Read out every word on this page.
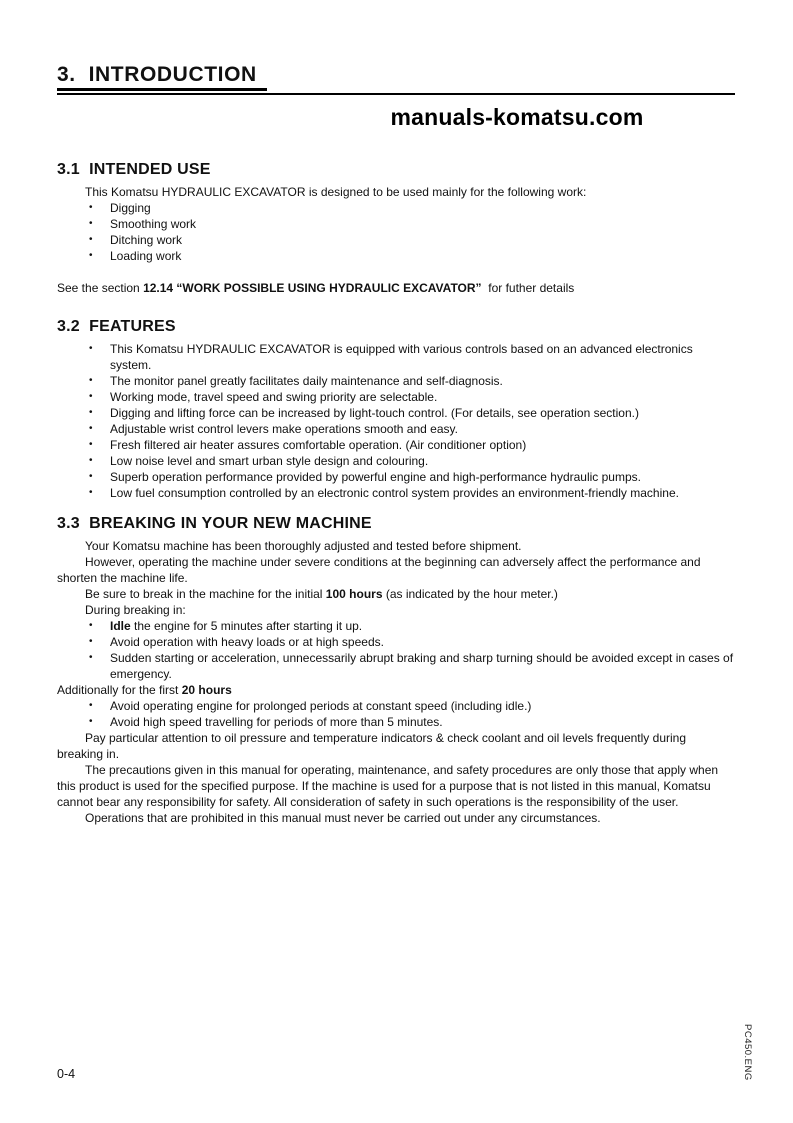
3.  INTRODUCTION
manuals-komatsu.com
3.1  INTENDED USE

This Komatsu HYDRAULIC EXCAVATOR is designed to be used mainly for the following work:

• Digging
• Smoothing work
• Ditching work
• Loading work

See the section 12.14 “WORK POSSIBLE USING HYDRAULIC EXCAVATOR”  for futher details

3.2  FEATURES
• This Komatsu HYDRAULIC EXCAVATOR is equipped with various controls based on an advanced electronics system.
• The monitor panel greatly facilitates daily maintenance and self-diagnosis.
• Working mode, travel speed and swing priority are selectable.
• Digging and lifting force can be increased by light-touch control. (For details, see operation section.)
• Adjustable wrist control levers make operations smooth and easy.
• Fresh filtered air heater assures comfortable operation. (Air conditioner option)
• Low noise level and smart urban style design and colouring.
• Superb operation performance provided by powerful engine and high-performance hydraulic pumps.
• Low fuel consumption controlled by an electronic control system provides an environment-friendly machine.
3.3  BREAKING IN YOUR NEW MACHINE

Your Komatsu machine has been thoroughly adjusted and tested before shipment.

However, operating the machine under severe conditions at the beginning can adversely affect the performance and shorten the machine life.

Be sure to break in the machine for the initial 100 hours (as indicated by the hour meter.)

During breaking in:

• Idle the engine for 5 minutes after starting it up.
• Avoid operation with heavy loads or at high speeds.
• Sudden starting or acceleration, unnecessarily abrupt braking and sharp turning should be avoided except in cases of emergency.

Additionally for the first 20 hours

• Avoid operating engine for prolonged periods at constant speed (including idle.)
• Avoid high speed travelling for periods of more than 5 minutes.

Pay particular attention to oil pressure and temperature indicators & check coolant and oil levels frequently during breaking in.

The precautions given in this manual for operating, maintenance, and safety procedures are only those that apply when this product is used for the specified purpose. If the machine is used for a purpose that is not listed in this manual, Komatsu cannot bear any responsibility for safety. All consideration of safety in such operations is the responsibility of the user.

Operations that are prohibited in this manual must never be carried out under any circumstances.

0-4	PC450.ENG
